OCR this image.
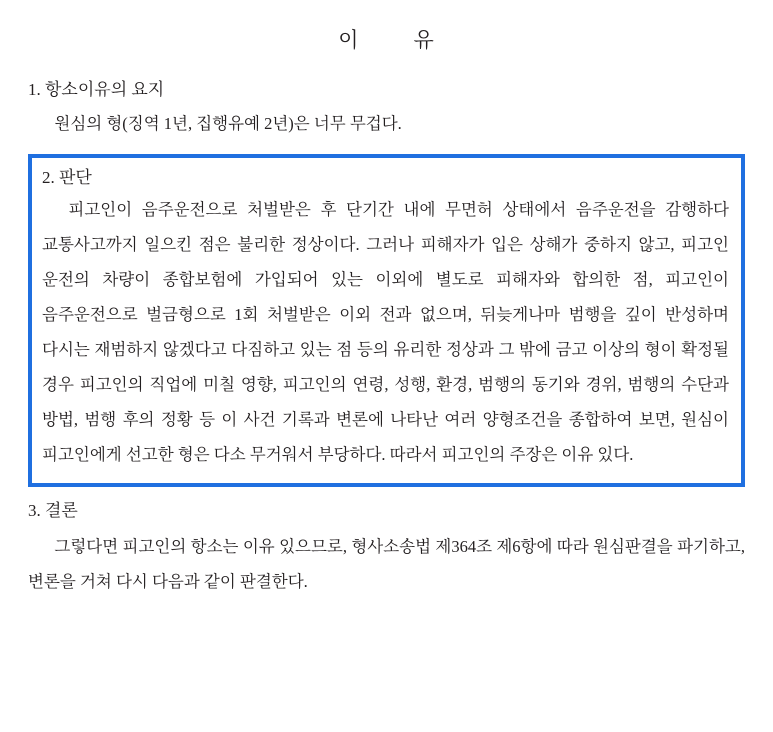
이	유
1. 항소이유의 요지

원심의 형(징역 1년, 집행유예 2년)은 너무 무겁다.

2. 판단

피고인이 음주운전으로 처벌받은 후 단기간 내에 무면허 상태에서 음주운전을 감행하다 교통사고까지 일으킨 점은 불리한 정상이다. 그러나 피해자가 입은 상해가 중하지 않고, 피고인 운전의 차량이 종합보험에 가입되어 있는 이외에 별도로 피해자와 합의한 점, 피고인이 음주운전으로 벌금형으로 1회 처벌받은 이외 전과 없으며, 뒤늦게나마 범행을 깊이 반성하며 다시는 재범하지 않겠다고 다짐하고 있는 점 등의 유리한 정상과 그 밖에 금고 이상의 형이 확정될 경우 피고인의 직업에 미칠 영향, 피고인의 연령, 성행, 환경, 범행의 동기와 경위, 범행의 수단과 방법, 범행 후의 정황 등 이 사건 기록과 변론에 나타난 여러 양형조건을 종합하여 보면, 원심이 피고인에게 선고한 형은 다소 무거워서 부당하다. 따라서 피고인의 주장은 이유 있다.

3. 결론

그렇다면 피고인의 항소는 이유 있으므로, 형사소송법 제364조 제6항에 따라 원심판결을 파기하고, 변론을 거쳐 다시 다음과 같이 판결한다.
